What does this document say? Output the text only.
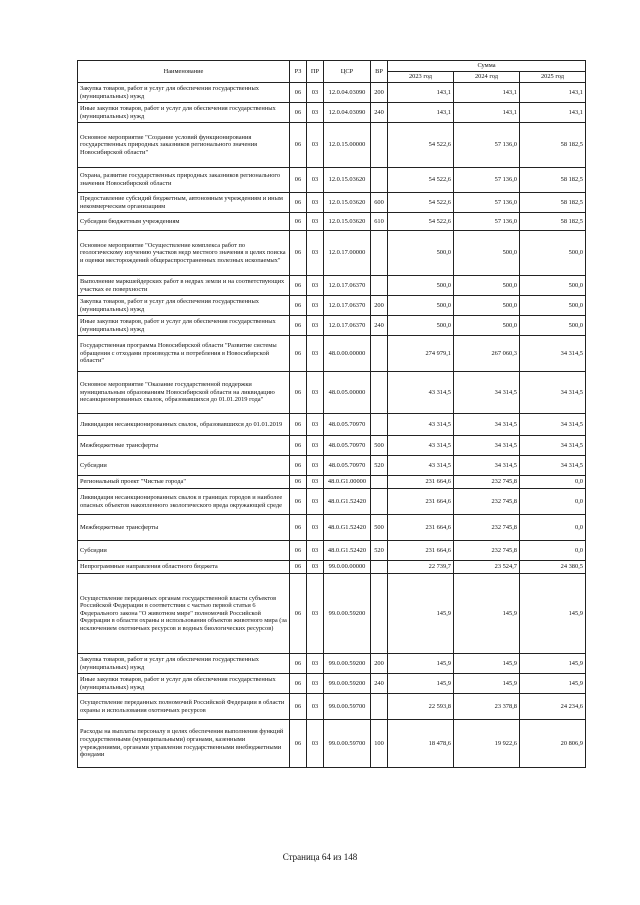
Наименование	РЗ	ПР	ЦСР	ВР	Сумма		
					2023 год	2024 год	2025 год
Закупка товаров, работ и услуг для обеспечения государственных (муниципальных) нужд	06	03	12.0.04.03090	200	143,1	143,1	143,1
Иные закупки товаров, работ и услуг для обеспечения государственных (муниципальных) нужд	06	03	12.0.04.03090	240	143,1	143,1	143,1
Основное мероприятие "Создание условий функционирования государственных природных заказников регионального значения Новосибирской области"	06	03	12.0.15.00000		54 522,6	57 136,0	58 182,5
Охрана, развитие государственных природных заказников регионального значения Новосибирской области	06	03	12.0.15.03620		54 522,6	57 136,0	58 182,5
Предоставление субсидий бюджетным, автономным учреждениям и иным некоммерческим организациям	06	03	12.0.15.03620	600	54 522,6	57 136,0	58 182,5
Субсидии бюджетным учреждениям	06	03	12.0.15.03620	610	54 522,6	57 136,0	58 182,5
Основное мероприятие "Осуществление комплекса работ по геологическому изучению участков недр местного значения в целях поиска и оценки месторождений общераспространенных полезных ископаемых"	06	03	12.0.17.00000		500,0	500,0	500,0
Выполнение маркшейдерских работ в недрах земли и на соответствующих участках ее поверхности	06	03	12.0.17.06370		500,0	500,0	500,0
Закупка товаров, работ и услуг для обеспечения государственных (муниципальных) нужд	06	03	12.0.17.06370	200	500,0	500,0	500,0
Иные закупки товаров, работ и услуг для обеспечения государственных (муниципальных) нужд	06	03	12.0.17.06370	240	500,0	500,0	500,0
Государственная программа Новосибирской области "Развитие системы обращения с отходами производства и потребления в Новосибирской области"	06	03	48.0.00.00000		274 979,1	267 060,3	34 314,5
Основное мероприятие "Оказание государственной поддержки муниципальным образованиям Новосибирской области на ликвидацию несанкционированных свалок, образовавшихся до 01.01.2019 года"	06	03	48.0.05.00000		43 314,5	34 314,5	34 314,5
Ликвидация несанкционированных свалок, образовавшихся до 01.01.2019	06	03	48.0.05.70970		43 314,5	34 314,5	34 314,5
Межбюджетные трансферты	06	03	48.0.05.70970	500	43 314,5	34 314,5	34 314,5
Субсидии	06	03	48.0.05.70970	520	43 314,5	34 314,5	34 314,5
Региональный проект "Чистые города"	06	03	48.0.G1.00000		231 664,6	232 745,8	0,0
Ликвидация несанкционированных свалок в границах городов и наиболее опасных объектов накопленного экологического вреда окружающей среде	06	03	48.0.G1.52420		231 664,6	232 745,8	0,0
Межбюджетные трансферты	06	03	48.0.G1.52420	500	231 664,6	232 745,8	0,0
Субсидии	06	03	48.0.G1.52420	520	231 664,6	232 745,8	0,0
Непрограммные направления областного бюджета	06	03	99.0.00.00000		22 739,7	23 524,7	24 380,5
Осуществление переданных органам государственной власти субъектов Российской Федерации в соответствии с частью первой статьи 6 Федерального закона "О животном мире" полномочий Российской Федерации в области охраны и использования объектов животного мира (за исключением охотничьих ресурсов и водных биологических ресурсов)	06	03	99.0.00.59200		145,9	145,9	145,9
Закупка товаров, работ и услуг для обеспечения государственных (муниципальных) нужд	06	03	99.0.00.59200	200	145,9	145,9	145,9
Иные закупки товаров, работ и услуг для обеспечения государственных (муниципальных) нужд	06	03	99.0.00.59200	240	145,9	145,9	145,9
Осуществление переданных полномочий Российской Федерации в области охраны и использования охотничьих ресурсов	06	03	99.0.00.59700		22 593,8	23 378,8	24 234,6
Расходы на выплаты персоналу в целях обеспечения выполнения функций государственными (муниципальными) органами, казенными учреждениями, органами управления государственными внебюджетными фондами	06	03	99.0.00.59700	100	18 478,6	19 922,6	20 806,9
Страница 64 из 148
